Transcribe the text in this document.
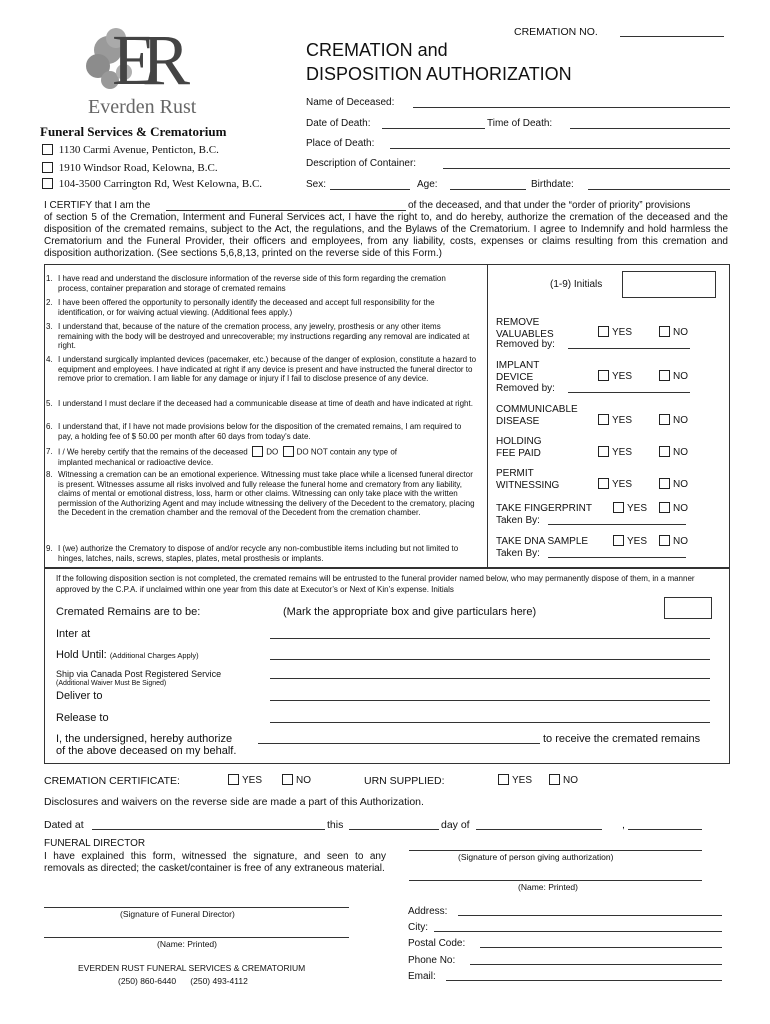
CREMATION NO.
ER
Everden Rust
Funeral Services & Crematorium
1130 Carmi Avenue, Penticton, B.C.
1910 Windsor Road, Kelowna, B.C.
104-3500 Carrington Rd, West Kelowna, B.C.
CREMATION and
DISPOSITION AUTHORIZATION
Name of Deceased:
Date of Death:	Time of Death:
Place of Death:
Description of Container:
Sex:	Age:	Birthdate:
I CERTIFY that I am the	of the deceased, and that under the “order of priority” provisions
of section 5 of the Cremation, Interment and Funeral Services act, I have the right to, and do hereby, authorize the cremation of the deceased and the disposition of the cremated remains, subject to the Act, the regulations, and the Bylaws of the Crematorium. I agree to Indemnify and hold harmless the Crematorium and the Funeral Provider, their officers and employees, from any liability, costs, expenses or claims resulting from this cremation and disposition authorization. (See sections 5,6,8,13, printed on the reverse side of this Form.)
1. I have read and understand the disclosure information of the reverse side of this form regarding the cremation process, container preparation and storage of cremated remains
2. I have been offered the opportunity to personally identify the deceased and accept full responsibility for the identification, or for waiving actual viewing. (Additional fees apply.)
3. I understand that, because of the nature of the cremation process, any jewelry, prosthesis or any other items remaining with the body will be destroyed and unrecoverable; my instructions regarding any removal are indicated at right.
4. I understand surgically implanted devices (pacemaker, etc.) because of the danger of explosion, constitute a hazard to equipment and employees. I have indicated at right if any device is present and have instructed the funeral director to remove prior to cremation. I am liable for any damage or injury if I fail to disclose presence of any device.
5. I understand I must declare if the deceased had a communicable disease at time of death and have indicated at right.
6. I understand that, if I have not made provisions below for the disposition of the cremated remains, I am required to pay, a holding fee of $ 50.00 per month after 60 days from today's date.
7. I / We hereby certify that the remains of the deceased DO DO NOT contain any type of
implanted mechanical or radioactive device.
8. Witnessing a cremation can be an emotional experience. Witnessing must take place while a licensed funeral director is present. Witnesses assume all risks involved and fully release the funeral home and crematory from any liability, claims of mental or emotional distress, loss, harm or other claims. Witnessing can only take place with the written permission of the Authorizing Agent and may include witnessing the delivery of the Decedent to the crematory, placing the Decedent in the cremation chamber and the removal of the Decedent from the cremation chamber.
9. I (we) authorize the Crematory to dispose of and/or recycle any non-combustible items including but not limited to hinges, latches, nails, screws, staples, plates, metal prosthesis or implants.
(1-9) Initials
REMOVE
VALUABLES	YES	NO
Removed by:
IMPLANT
DEVICE	YES	NO
Removed by:
COMMUNICABLE
DISEASE	YES	NO
HOLDING
FEE PAID	YES	NO
PERMIT
WITNESSING	YES	NO
TAKE FINGERPRINT	YES	NO
Taken By:
TAKE DNA SAMPLE	YES	NO
Taken By:
If the following disposition section is not completed, the cremated remains will be entrusted to the funeral provider named below, who may permanently dispose of them, in a manner approved by the C.P.A. if unclaimed within one year from this date at Executor’s or Next of Kin’s expense. Initials
Cremated Remains are to be:	(Mark the appropriate box and give particulars here)
Inter at
Hold Until: (Additional Charges Apply)
Ship via Canada Post Registered Service
(Additional Waiver Must Be Signed)
Deliver to
Release to
I, the undersigned, hereby authorize	to receive the cremated remains
of the above deceased on my behalf.
CREMATION CERTIFICATE:	YES	NO	URN SUPPLIED:	YES	NO
Disclosures and waivers on the reverse side are made a part of this Authorization.
Dated at	this	day of	,
FUNERAL DIRECTOR
I have explained this form, witnessed the signature, and seen to any removals as directed; the casket/container is free of any extraneous material.
(Signature of person giving authorization)
(Name: Printed)
(Signature of Funeral Director)
(Name: Printed)
Address:
City:
Postal Code:
Phone No:
Email:
EVERDEN RUST FUNERAL SERVICES & CREMATORIUM
(250) 860-6440      (250) 493-4112
